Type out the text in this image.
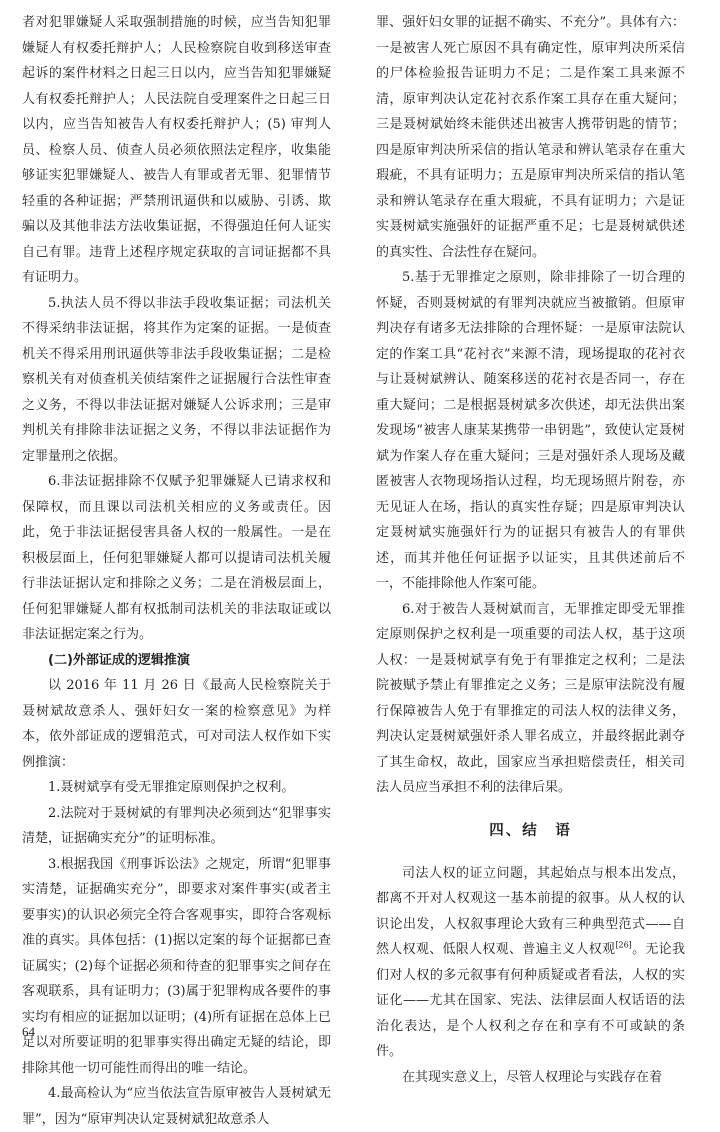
者对犯罪嫌疑人采取强制措施的时候，应当告知犯罪嫌疑人有权委托辩护人；人民检察院自收到移送审查起诉的案件材料之日起三日以内，应当告知犯罪嫌疑人有权委托辩护人；人民法院自受理案件之日起三日以内，应当告知被告人有权委托辩护人；(5) 审判人员、检察人员、侦查人员必须依照法定程序，收集能够证实犯罪嫌疑人、被告人有罪或者无罪、犯罪情节轻重的各种证据；严禁刑讯逼供和以威胁、引诱、欺骗以及其他非法方法收集证据，不得强迫任何人证实自己有罪。违背上述程序规定获取的言词证据都不具有证明力。

5.执法人员不得以非法手段收集证据；司法机关不得采纳非法证据，将其作为定案的证据。一是侦查机关不得采用刑讯逼供等非法手段收集证据；二是检察机关有对侦查机关侦结案件之证据履行合法性审查之义务，不得以非法证据对嫌疑人公诉求刑；三是审判机关有排除非法证据之义务，不得以非法证据作为定罪量刑之依据。

6.非法证据排除不仅赋予犯罪嫌疑人已请求权和保障权，而且课以司法机关相应的义务或责任。因此，免于非法证据侵害具备人权的一般属性。一是在积极层面上，任何犯罪嫌疑人都可以提请司法机关履行非法证据认定和排除之义务；二是在消极层面上，任何犯罪嫌疑人都有权抵制司法机关的非法取证或以非法证据定案之行为。

(二)外部证成的逻辑推演

以 2016 年 11 月 26 日《最高人民检察院关于聂树斌故意杀人、强奸妇女一案的检察意见》为样本，依外部证成的逻辑范式，可对司法人权作如下实例推演：

1.聂树斌享有受无罪推定原则保护之权利。

2.法院对于聂树斌的有罪判决必须到达“犯罪事实清楚，证据确实充分”的证明标准。

3.根据我国《刑事诉讼法》之规定，所谓“犯罪事实清楚，证据确实充分”，即要求对案件事实(或者主要事实)的认识必须完全符合客观事实，即符合客观标准的真实。具体包括：(1)据以定案的每个证据都已查证属实；(2)每个证据必须和待查的犯罪事实之间存在客观联系，具有证明力；(3)属于犯罪构成各要件的事实均有相应的证据加以证明；(4)所有证据在总体上已足以对所要证明的犯罪事实得出确定无疑的结论，即排除其他一切可能性而得出的唯一结论。

4.最高检认为“应当依法宣告原审被告人聂树斌无罪”，因为“原审判决认定聂树斌犯故意杀人

罪、强奸妇女罪的证据不确实、不充分”。具体有六：一是被害人死亡原因不具有确定性，原审判决所采信的尸体检验报告证明力不足；二是作案工具来源不清，原审判决认定花衬衣系作案工具存在重大疑问；三是聂树斌始终未能供述出被害人携带钥匙的情节；四是原审判决所采信的指认笔录和辨认笔录存在重大瑕疵，不具有证明力；五是原审判决所采信的指认笔录和辨认笔录存在重大瑕疵，不具有证明力；六是证实聂树斌实施强奸的证据严重不足；七是聂树斌供述的真实性、合法性存在疑问。

5.基于无罪推定之原则，除非排除了一切合理的怀疑，否则聂树斌的有罪判决就应当被撤销。但原审判决存有诸多无法排除的合理怀疑：一是原审法院认定的作案工具“花衬衣”来源不清，现场提取的花衬衣与让聂树斌辨认、随案移送的花衬衣是否同一，存在重大疑问；二是根据聂树斌多次供述，却无法供出案发现场“被害人康某某携带一串钥匙”，致使认定聂树斌为作案人存在重大疑问；三是对强奸杀人现场及藏匿被害人衣物现场指认过程，均无现场照片附卷，亦无见证人在场，指认的真实性存疑；四是原审判决认定聂树斌实施强奸行为的证据只有被告人的有罪供述，而其并他任何证据予以证实，且其供述前后不一，不能排除他人作案可能。

6.对于被告人聂树斌而言，无罪推定即受无罪推定原则保护之权利是一项重要的司法人权，基于这项人权：一是聂树斌享有免于有罪推定之权利；二是法院被赋予禁止有罪推定之义务；三是原审法院没有履行保障被告人免于有罪推定的司法人权的法律义务，判决认定聂树斌强奸杀人罪名成立，并最终据此剥夺了其生命权，故此，国家应当承担赔偿责任，相关司法人员应当承担不利的法律后果。

四、结　语

司法人权的证立问题，其起始点与根本出发点，都离不开对人权观这一基本前提的叙事。从人权的认识论出发，人权叙事理论大致有三种典型范式——自然人权观、低限人权观、普遍主义人权观[26]。无论我们对人权的多元叙事有何种质疑或者看法，人权的实证化——尤其在国家、宪法、法律层面人权话语的法治化表达，是个人权利之存在和享有不可或缺的条件。

在其现实意义上，尽管人权理论与实践存在着

64
